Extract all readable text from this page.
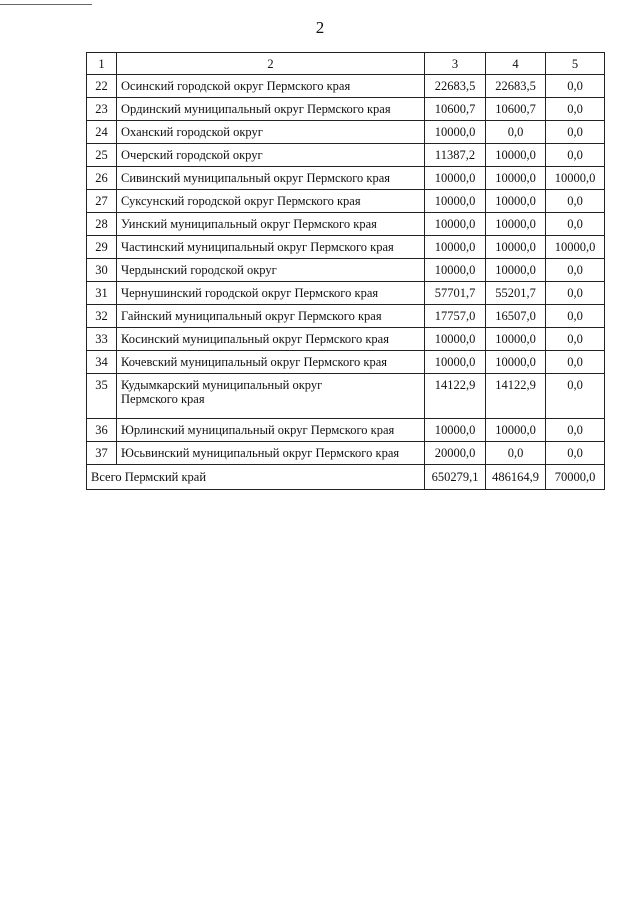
2
1	2	3	4	5
22	Осинский городской округ Пермского края	22683,5	22683,5	0,0
23	Ординский муниципальный округ Пермского края	10600,7	10600,7	0,0
24	Оханский городской округ	10000,0	0,0	0,0
25	Очерский городской округ	11387,2	10000,0	0,0
26	Сивинский муниципальный округ Пермского края	10000,0	10000,0	10000,0
27	Суксунский городской округ Пермского края	10000,0	10000,0	0,0
28	Уинский муниципальный округ Пермского края	10000,0	10000,0	0,0
29	Частинский муниципальный округ Пермского края	10000,0	10000,0	10000,0
30	Чердынский городской округ	10000,0	10000,0	0,0
31	Чернушинский городской округ Пермского края	57701,7	55201,7	0,0
32	Гайнский муниципальный округ Пермского края	17757,0	16507,0	0,0
33	Косинский муниципальный округ Пермского края	10000,0	10000,0	0,0
34	Кочевский муниципальный округ Пермского края	10000,0	10000,0	0,0
35	Кудымкарский муниципальный округ
Пермского края	14122,9	14122,9	0,0
36	Юрлинский муниципальный округ Пермского края	10000,0	10000,0	0,0
37	Юсьвинский муниципальный округ Пермского края	20000,0	0,0	0,0
Всего Пермский край		650279,1	486164,9	70000,0
